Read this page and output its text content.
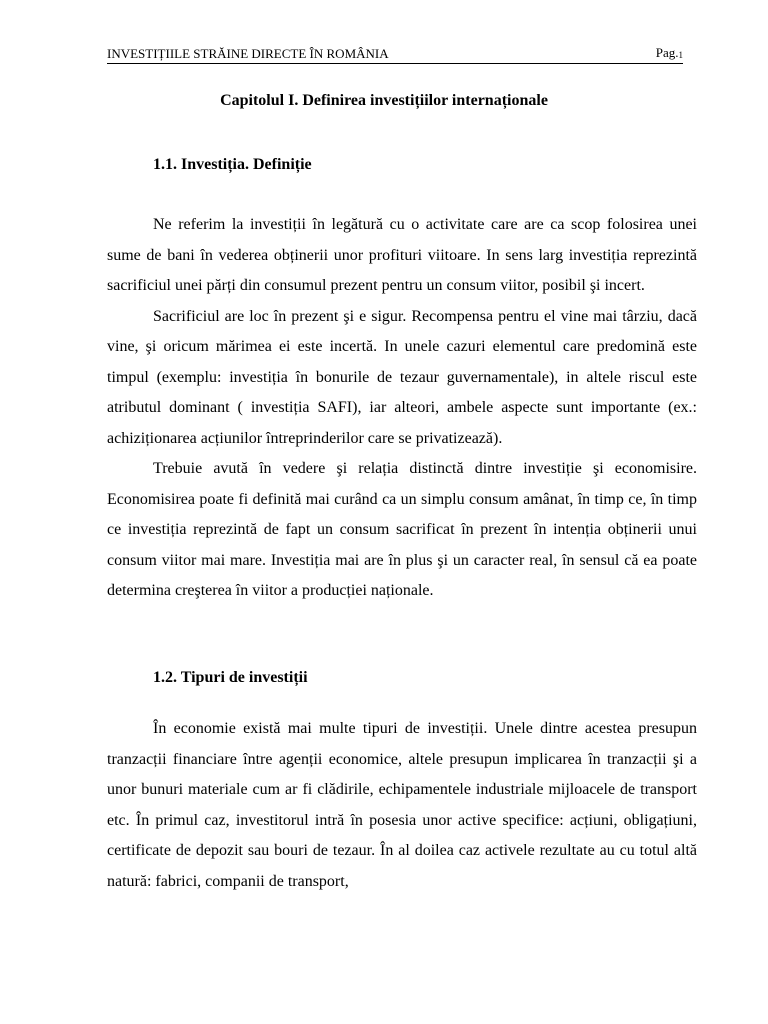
INVESTIȚIILE STRĂINE DIRECTE ÎN ROMÂNIA	$Pag._1$
Capitolul I. Definirea investițiilor internaționale
1.1. Investiția. Definiție

Ne referim la investiții în legătură cu o activitate care are ca scop folosirea unei sume de bani în vederea obținerii unor profituri viitoare. In sens larg investiția reprezintă sacrificiul unei părți din consumul prezent pentru un consum viitor, posibil şi incert.

Sacrificiul are loc în prezent şi e sigur. Recompensa pentru el vine mai târziu, dacă vine, şi oricum mărimea ei este incertă. In unele cazuri elementul care predomină este timpul (exemplu: investiția în bonurile de tezaur guvernamentale), in altele riscul este atributul dominant ( investiția SAFI), iar alteori, ambele aspecte sunt importante (ex.: achiziționarea acțiunilor întreprinderilor care se privatizează).

Trebuie avută în vedere şi relația distinctă dintre investiție şi economisire. Economisirea poate fi definită mai curând ca un simplu consum amânat, în timp ce, în timp ce investiția reprezintă de fapt un consum sacrificat în prezent în intenția obținerii unui consum viitor mai mare. Investiția mai are în plus şi un caracter real, în sensul că ea poate determina creşterea în viitor a producției naționale.

1.2. Tipuri de investiții

În economie există mai multe tipuri de investiții. Unele dintre acestea presupun tranzacții financiare între agenții economice, altele presupun implicarea în tranzacții şi a unor bunuri materiale cum ar fi clădirile, echipamentele industriale mijloacele de transport etc. În primul caz, investitorul intră în posesia unor active specifice: acțiuni, obligațiuni, certificate de depozit sau bouri de tezaur. În al doilea caz activele rezultate au cu totul altă natură: fabrici, companii de transport,
